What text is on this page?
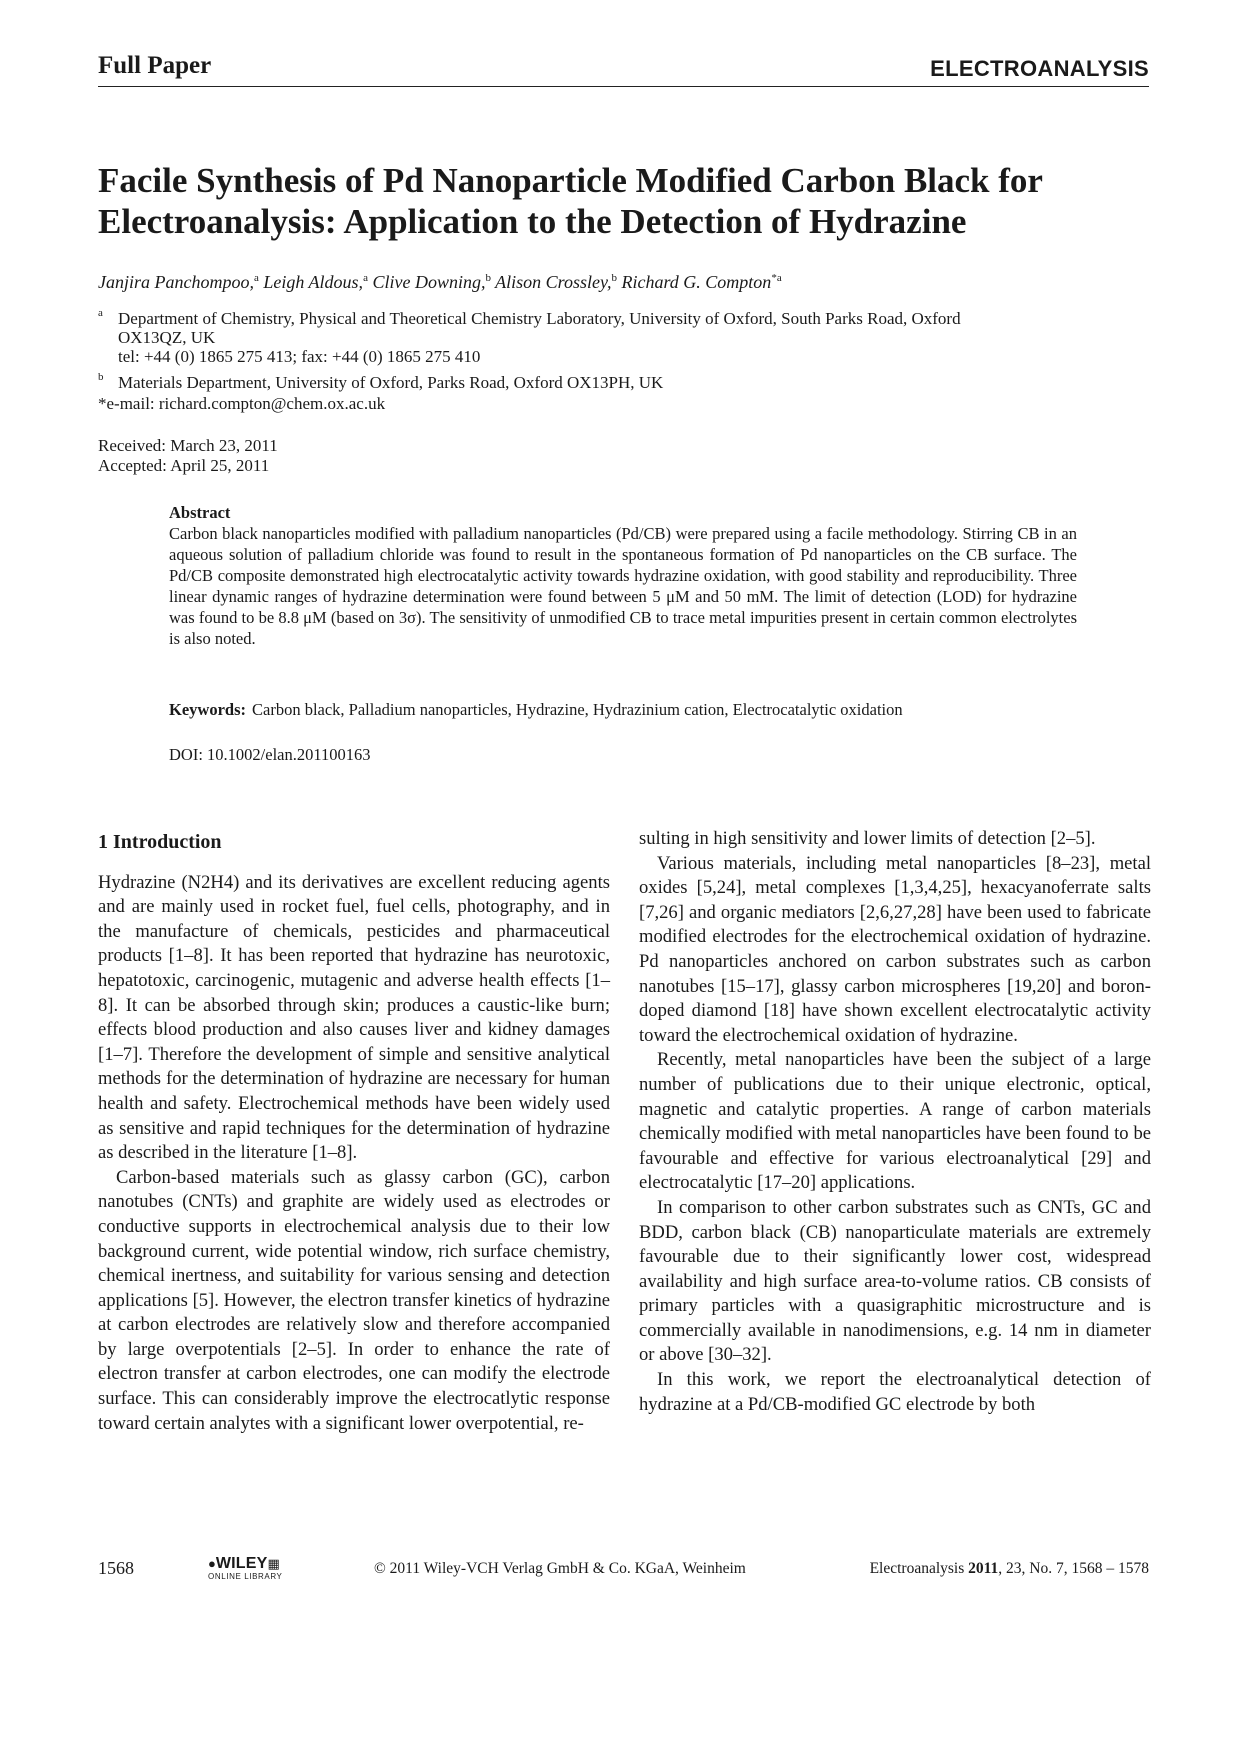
Full Paper	ELECTROANALYSIS
Facile Synthesis of Pd Nanoparticle Modified Carbon Black for
Electroanalysis: Application to the Detection of Hydrazine
Janjira Panchompoo,$^a$ Leigh Aldous,$^a$ Clive Downing,$^b$ Alison Crossley,$^b$ Richard G. Compton$^{*a}$
a Department of Chemistry, Physical and Theoretical Chemistry Laboratory, University of Oxford, South Parks Road, Oxford
OX13QZ, UK
tel: +44 (0) 1865 275 413; fax: +44 (0) 1865 275 410
b Materials Department, University of Oxford, Parks Road, Oxford OX13PH, UK
*e-mail: richard.compton@chem.ox.ac.uk
Received: March 23, 2011
Accepted: April 25, 2011
Abstract
Carbon black nanoparticles modified with palladium nanoparticles (Pd/CB) were prepared using a facile methodology. Stirring CB in an aqueous solution of palladium chloride was found to result in the spontaneous formation of Pd nanoparticles on the CB surface. The Pd/CB composite demonstrated high electrocatalytic activity towards hydrazine oxidation, with good stability and reproducibility. Three linear dynamic ranges of hydrazine determination were found between 5 μM and 50 mM. The limit of detection (LOD) for hydrazine was found to be 8.8 μM (based on 3σ). The sensitivity of unmodified CB to trace metal impurities present in certain common electrolytes is also noted.
Keywords: Carbon black, Palladium nanoparticles, Hydrazine, Hydrazinium cation, Electrocatalytic oxidation
DOI: 10.1002/elan.201100163
1 Introduction

Hydrazine (N2H4) and its derivatives are excellent reducing agents and are mainly used in rocket fuel, fuel cells, photography, and in the manufacture of chemicals, pesticides and pharmaceutical products [1–8]. It has been reported that hydrazine has neurotoxic, hepatotoxic, carcinogenic, mutagenic and adverse health effects [1–8]. It can be absorbed through skin; produces a caustic-like burn; effects blood production and also causes liver and kidney damages [1–7]. Therefore the development of simple and sensitive analytical methods for the determination of hydrazine are necessary for human health and safety. Electrochemical methods have been widely used as sensitive and rapid techniques for the determination of hydrazine as described in the literature [1–8].

Carbon-based materials such as glassy carbon (GC), carbon nanotubes (CNTs) and graphite are widely used as electrodes or conductive supports in electrochemical analysis due to their low background current, wide potential window, rich surface chemistry, chemical inertness, and suitability for various sensing and detection applications [5]. However, the electron transfer kinetics of hydrazine at carbon electrodes are relatively slow and therefore accompanied by large overpotentials [2–5]. In order to enhance the rate of electron transfer at carbon electrodes, one can modify the electrode surface. This can considerably improve the electrocatlytic response toward certain analytes with a significant lower overpotential, re-

sulting in high sensitivity and lower limits of detection [2–5].

Various materials, including metal nanoparticles [8–23], metal oxides [5,24], metal complexes [1,3,4,25], hexacyanoferrate salts [7,26] and organic mediators [2,6,27,28] have been used to fabricate modified electrodes for the electrochemical oxidation of hydrazine. Pd nanoparticles anchored on carbon substrates such as carbon nanotubes [15–17], glassy carbon microspheres [19,20] and boron-doped diamond [18] have shown excellent electrocatalytic activity toward the electrochemical oxidation of hydrazine.

Recently, metal nanoparticles have been the subject of a large number of publications due to their unique electronic, optical, magnetic and catalytic properties. A range of carbon materials chemically modified with metal nanoparticles have been found to be favourable and effective for various electroanalytical [29] and electrocatalytic [17–20] applications.

In comparison to other carbon substrates such as CNTs, GC and BDD, carbon black (CB) nanoparticulate materials are extremely favourable due to their significantly lower cost, widespread availability and high surface area-to-volume ratios. CB consists of primary particles with a quasigraphitic microstructure and is commercially available in nanodimensions, e.g. 14 nm in diameter or above [30–32].

In this work, we report the electroanalytical detection of hydrazine at a Pd/CB-modified GC electrode by both

1568	●WILEY▦
ONLINE LIBRARY	© 2011 Wiley-VCH Verlag GmbH & Co. KGaA, Weinheim	Electroanalysis 2011, 23, No. 7, 1568 – 1578
